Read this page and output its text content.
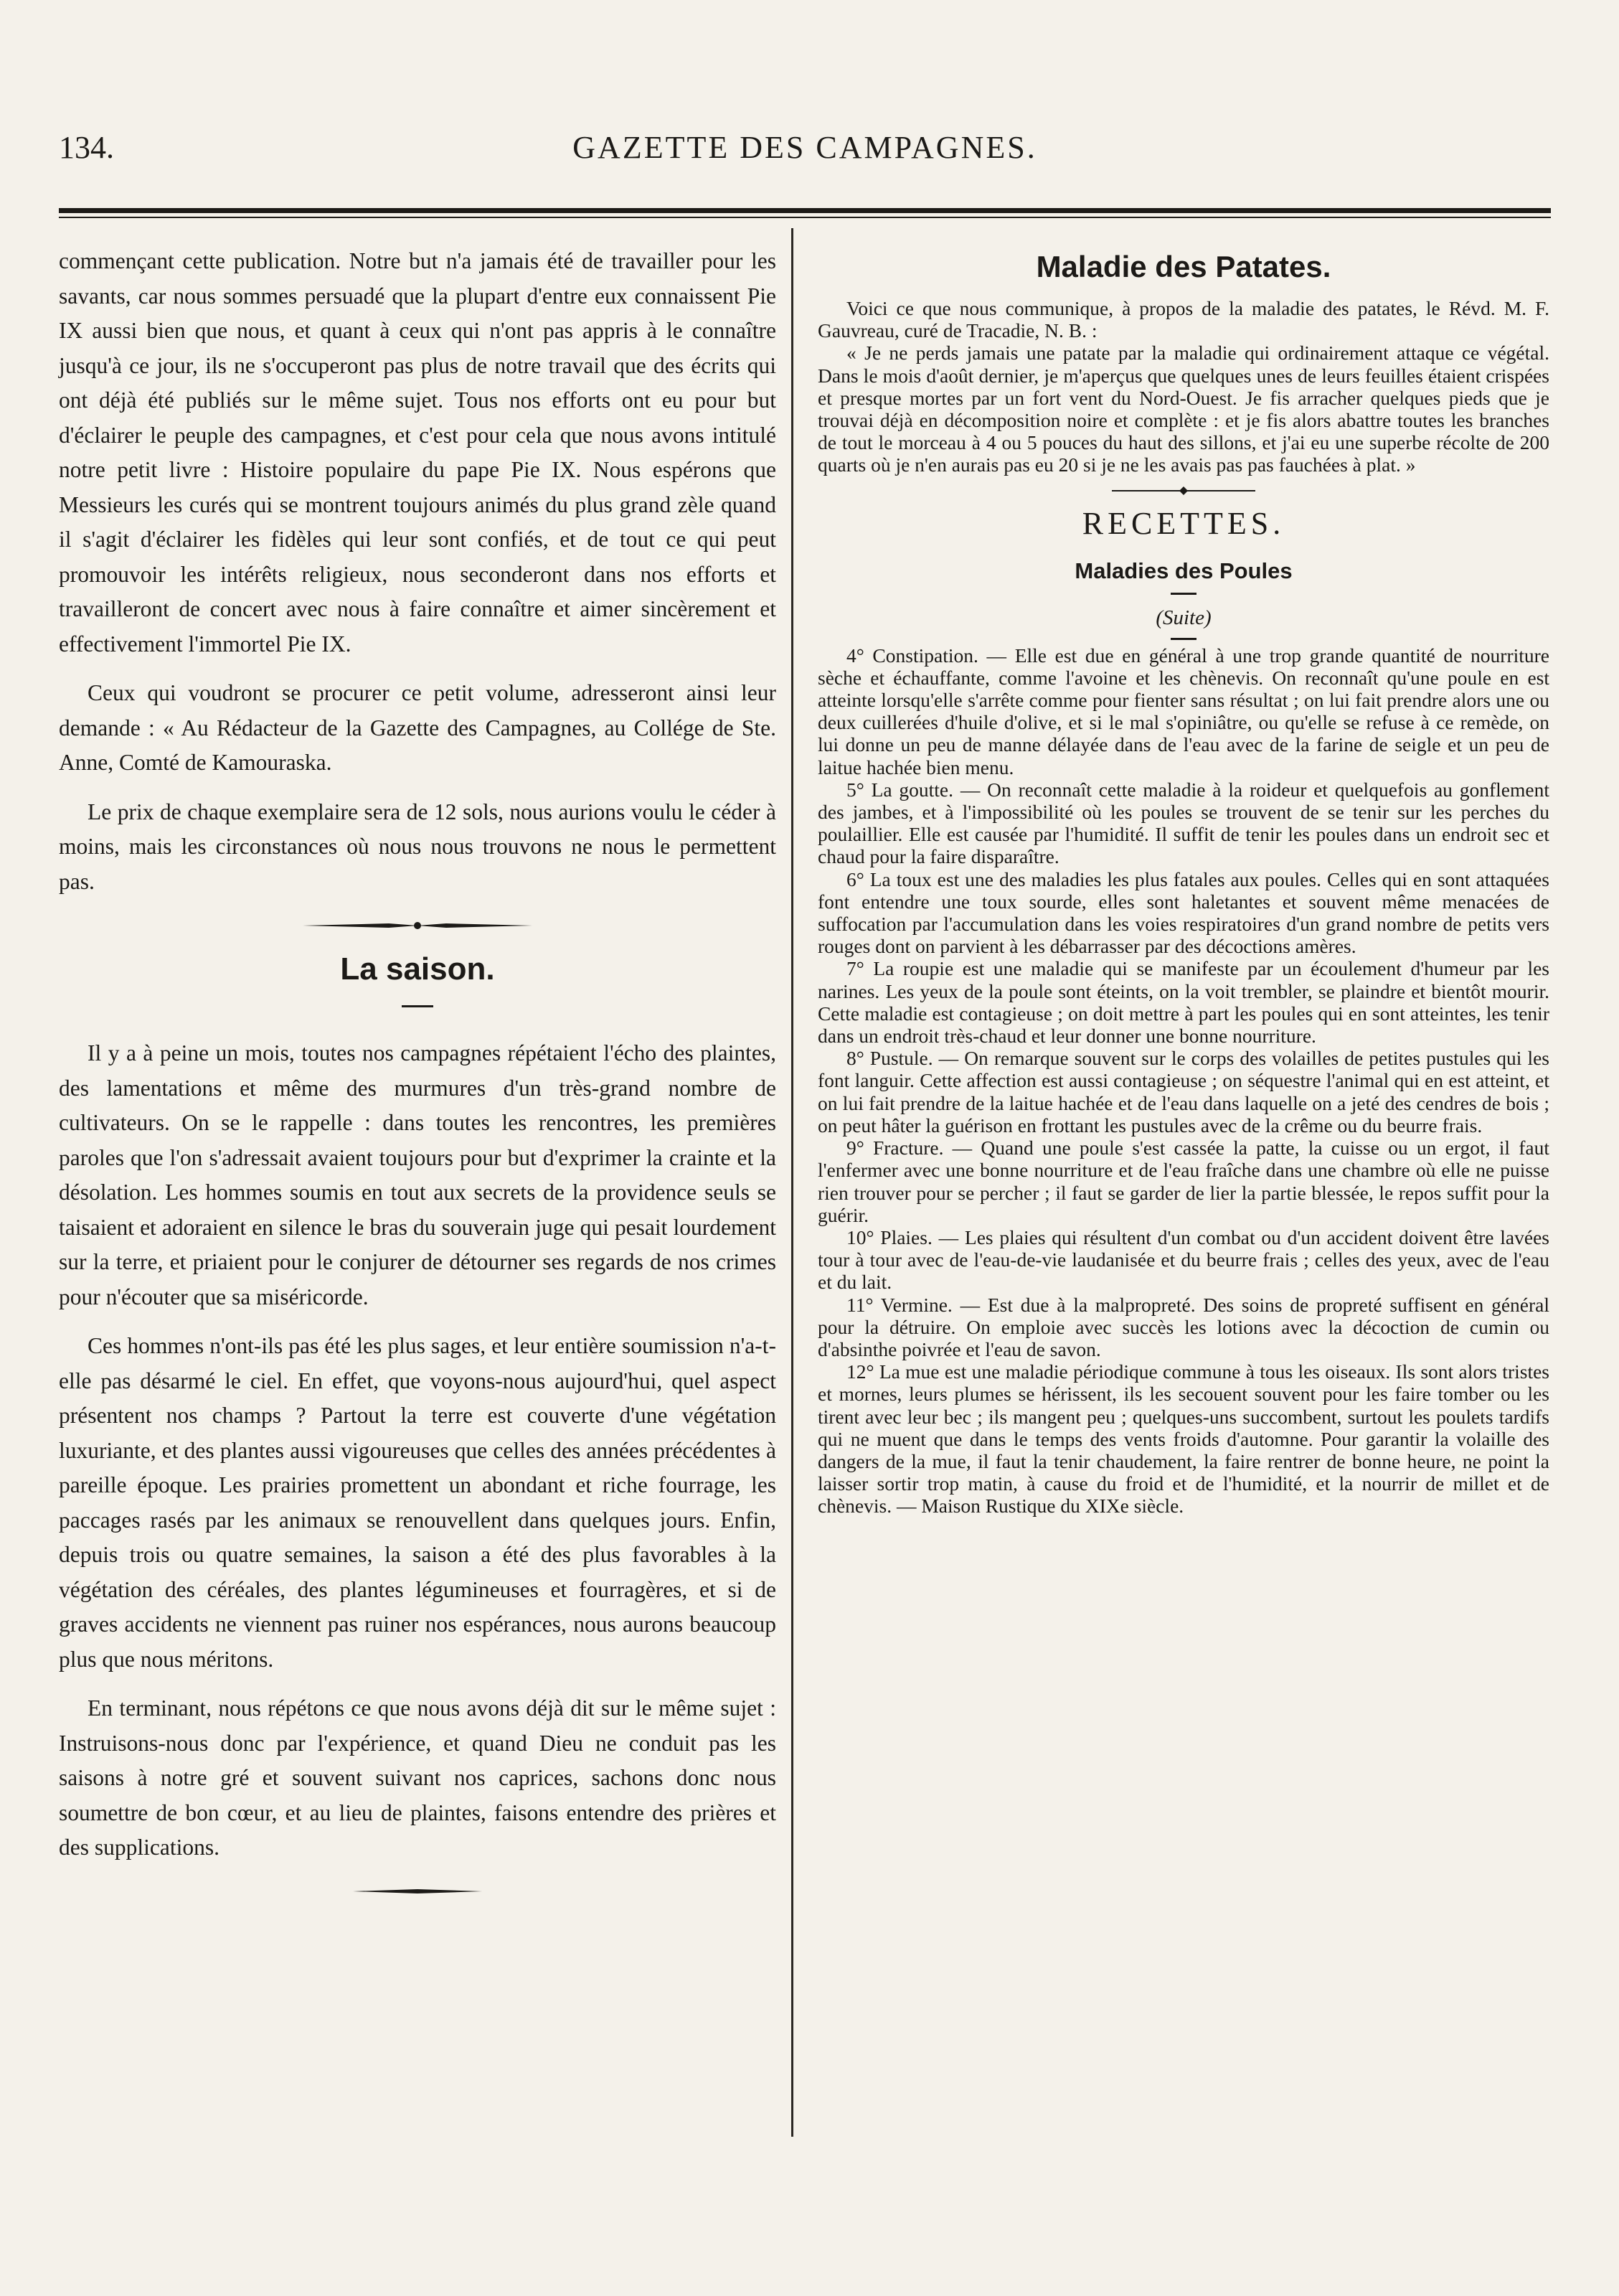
134.	GAZETTE DES CAMPAGNES.

commençant cette publication. Notre but n'a jamais été de travailler pour les savants, car nous sommes persuadé que la plupart d'entre eux connaissent Pie IX aussi bien que nous, et quant à ceux qui n'ont pas appris à le connaître jusqu'à ce jour, ils ne s'occuperont pas plus de notre travail que des écrits qui ont déjà été publiés sur le même sujet. Tous nos efforts ont eu pour but d'éclairer le peuple des campagnes, et c'est pour cela que nous avons intitulé notre petit livre : Histoire populaire du pape Pie IX. Nous espérons que Messieurs les curés qui se montrent toujours animés du plus grand zèle quand il s'agit d'éclairer les fidèles qui leur sont confiés, et de tout ce qui peut promouvoir les intérêts religieux, nous seconderont dans nos efforts et travailleront de concert avec nous à faire connaître et aimer sincèrement et effectivement l'immortel Pie IX.

Ceux qui voudront se procurer ce petit volume, adresseront ainsi leur demande : « Au Rédacteur de la Gazette des Campagnes, au Collége de Ste. Anne, Comté de Kamouraska.

Le prix de chaque exemplaire sera de 12 sols, nous aurions voulu le céder à moins, mais les circonstances où nous nous trouvons ne nous le permettent pas.

La saison.

Il y a à peine un mois, toutes nos campagnes répétaient l'écho des plaintes, des lamentations et même des murmures d'un très-grand nombre de cultivateurs. On se le rappelle : dans toutes les rencontres, les premières paroles que l'on s'adressait avaient toujours pour but d'exprimer la crainte et la désolation. Les hommes soumis en tout aux secrets de la providence seuls se taisaient et adoraient en silence le bras du souverain juge qui pesait lourdement sur la terre, et priaient pour le conjurer de détourner ses regards de nos crimes pour n'écouter que sa miséricorde.

Ces hommes n'ont-ils pas été les plus sages, et leur entière soumission n'a-t-elle pas désarmé le ciel. En effet, que voyons-nous aujourd'hui, quel aspect présentent nos champs ? Partout la terre est couverte d'une végétation luxuriante, et des plantes aussi vigoureuses que celles des années précédentes à pareille époque. Les prairies promettent un abondant et riche fourrage, les paccages rasés par les animaux se renouvellent dans quelques jours. Enfin, depuis trois ou quatre semaines, la saison a été des plus favorables à la végétation des céréales, des plantes légumineuses et fourragères, et si de graves accidents ne viennent pas ruiner nos espérances, nous aurons beaucoup plus que nous méritons.

En terminant, nous répétons ce que nous avons déjà dit sur le même sujet : Instruisons-nous donc par l'expérience, et quand Dieu ne conduit pas les saisons à notre gré et souvent suivant nos caprices, sachons donc nous soumettre de bon cœur, et au lieu de plaintes, faisons entendre des prières et des supplications.

Maladie des Patates.

Voici ce que nous communique, à propos de la maladie des patates, le Révd. M. F. Gauvreau, curé de Tracadie, N. B. :

« Je ne perds jamais une patate par la maladie qui ordinairement attaque ce végétal. Dans le mois d'août dernier, je m'aperçus que quelques unes de leurs feuilles étaient crispées et presque mortes par un fort vent du Nord-Ouest. Je fis arracher quelques pieds que je trouvai déjà en décomposition noire et complète : et je fis alors abattre toutes les branches de tout le morceau à 4 ou 5 pouces du haut des sillons, et j'ai eu une superbe récolte de 200 quarts où je n'en aurais pas eu 20 si je ne les avais pas pas fauchées à plat. »

RECETTES.
Maladies des Poules
(Suite)

4° Constipation. — Elle est due en général à une trop grande quantité de nourriture sèche et échauffante, comme l'avoine et les chènevis. On reconnaît qu'une poule en est atteinte lorsqu'elle s'arrête comme pour fienter sans résultat ; on lui fait prendre alors une ou deux cuillerées d'huile d'olive, et si le mal s'opiniâtre, ou qu'elle se refuse à ce remède, on lui donne un peu de manne délayée dans de l'eau avec de la farine de seigle et un peu de laitue hachée bien menu.

5° La goutte. — On reconnaît cette maladie à la roideur et quelquefois au gonflement des jambes, et à l'impossibilité où les poules se trouvent de se tenir sur les perches du poulaillier. Elle est causée par l'humidité. Il suffit de tenir les poules dans un endroit sec et chaud pour la faire disparaître.

6° La toux est une des maladies les plus fatales aux poules. Celles qui en sont attaquées font entendre une toux sourde, elles sont haletantes et souvent même menacées de suffocation par l'accumulation dans les voies respiratoires d'un grand nombre de petits vers rouges dont on parvient à les débarrasser par des décoctions amères.

7° La roupie est une maladie qui se manifeste par un écoulement d'humeur par les narines. Les yeux de la poule sont éteints, on la voit trembler, se plaindre et bientôt mourir. Cette maladie est contagieuse ; on doit mettre à part les poules qui en sont atteintes, les tenir dans un endroit très-chaud et leur donner une bonne nourriture.

8° Pustule. — On remarque souvent sur le corps des volailles de petites pustules qui les font languir. Cette affection est aussi contagieuse ; on séquestre l'animal qui en est atteint, et on lui fait prendre de la laitue hachée et de l'eau dans laquelle on a jeté des cendres de bois ; on peut hâter la guérison en frottant les pustules avec de la crême ou du beurre frais.

9° Fracture. — Quand une poule s'est cassée la patte, la cuisse ou un ergot, il faut l'enfermer avec une bonne nourriture et de l'eau fraîche dans une chambre où elle ne puisse rien trouver pour se percher ; il faut se garder de lier la partie blessée, le repos suffit pour la guérir.

10° Plaies. — Les plaies qui résultent d'un combat ou d'un accident doivent être lavées tour à tour avec de l'eau-de-vie laudanisée et du beurre frais ; celles des yeux, avec de l'eau et du lait.

11° Vermine. — Est due à la malpropreté. Des soins de propreté suffisent en général pour la détruire. On emploie avec succès les lotions avec la décoction de cumin ou d'absinthe poivrée et l'eau de savon.

12° La mue est une maladie périodique commune à tous les oiseaux. Ils sont alors tristes et mornes, leurs plumes se hérissent, ils les secouent souvent pour les faire tomber ou les tirent avec leur bec ; ils mangent peu ; quelques-uns succombent, surtout les poulets tardifs qui ne muent que dans le temps des vents froids d'automne. Pour garantir la volaille des dangers de la mue, il faut la tenir chaudement, la faire rentrer de bonne heure, ne point la laisser sortir trop matin, à cause du froid et de l'humidité, et la nourrir de millet et de chènevis. — Maison Rustique du XIXe siècle.
